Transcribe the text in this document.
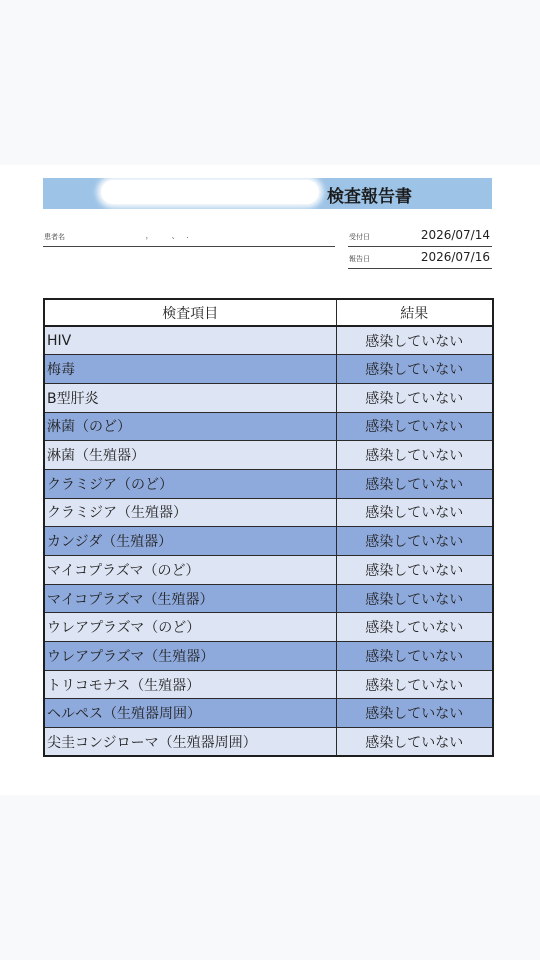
検査報告書
患者名	　 ，　　、 .	受付日	2026/07/14
報告日	2026/07/16
検査項目	結果
HIV	感染していない
梅毒	感染していない
B型肝炎	感染していない
淋菌（のど）	感染していない
淋菌（生殖器）	感染していない
クラミジア（のど）	感染していない
クラミジア（生殖器）	感染していない
カンジダ（生殖器）	感染していない
マイコプラズマ（のど）	感染していない
マイコプラズマ（生殖器）	感染していない
ウレアプラズマ（のど）	感染していない
ウレアプラズマ（生殖器）	感染していない
トリコモナス（生殖器）	感染していない
ヘルペス（生殖器周囲）	感染していない
尖圭コンジローマ（生殖器周囲）	感染していない
